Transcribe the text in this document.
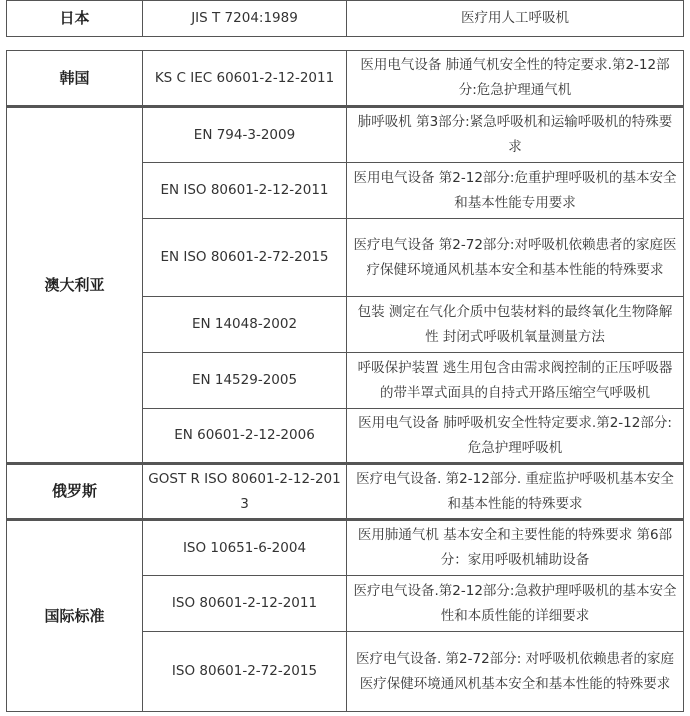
日本	JIS T 7204:1989	医疗用人工呼吸机
韩国	KS C IEC 60601-2-12-2011	医用电气设备 肺通气机安全性的特定要求.第2-12部分:危急护理通气机
澳大利亚	EN 794-3-2009	肺呼吸机 第3部分:紧急呼吸机和运输呼吸机的特殊要求
	EN ISO 80601-2-12-2011	医用电气设备 第2-12部分:危重护理呼吸机的基本安全和基本性能专用要求
	EN ISO 80601-2-72-2015	医疗电气设备 第2-72部分:对呼吸机依赖患者的家庭医疗保健环境通风机基本安全和基本性能的特殊要求
	EN 14048-2002	包装 测定在气化介质中包装材料的最终氧化生物降解性 封闭式呼吸机氧量测量方法
	EN 14529-2005	呼吸保护装置 逃生用包含由需求阀控制的正压呼吸器的带半罩式面具的自持式开路压缩空气呼吸机
	EN 60601-2-12-2006	医用电气设备 肺呼吸机安全性特定要求.第2-12部分:危急护理呼吸机
俄罗斯	GOST R ISO 80601-2-12-2013	医疗电气设备. 第2-12部分. 重症监护呼吸机基本安全和基本性能的特殊要求
国际标准	ISO 10651-6-2004	医用肺通气机 基本安全和主要性能的特殊要求 第6部分：家用呼吸机辅助设备
	ISO 80601-2-12-2011	医疗电气设备.第2-12部分:急救护理呼吸机的基本安全性和本质性能的详细要求
	ISO 80601-2-72-2015	医疗电气设备. 第2-72部分: 对呼吸机依赖患者的家庭医疗保健环境通风机基本安全和基本性能的特殊要求
